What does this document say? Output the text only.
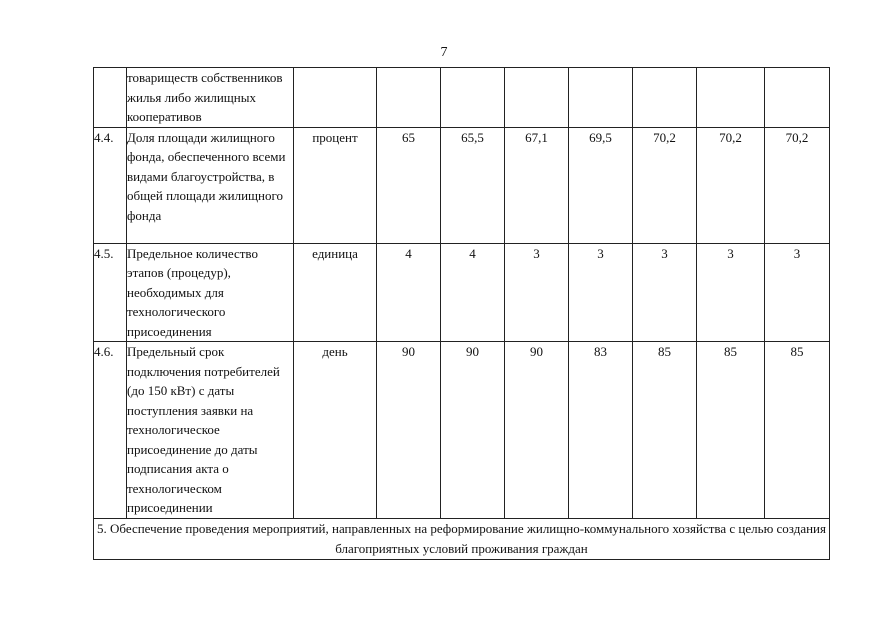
7
	товариществ собственников жилья либо жилищных кооперативов								
4.4.	Доля площади жилищного фонда, обеспеченного всеми видами благоустройства, в общей площади жилищного фонда	процент	65	65,5	67,1	69,5	70,2	70,2	70,2
4.5.	Предельное количество этапов (процедур), необходимых для технологического присоединения	единица	4	4	3	3	3	3	3
4.6.	Предельный срок подключения потребителей (до 150 кВт) с даты поступления заявки на технологическое присоединение до даты подписания акта о технологическом присоединении	день	90	90	90	83	85	85	85
5. Обеспечение проведения мероприятий, направленных на реформирование жилищно-коммунального хозяйства с целью создания благоприятных условий проживания граждан									
